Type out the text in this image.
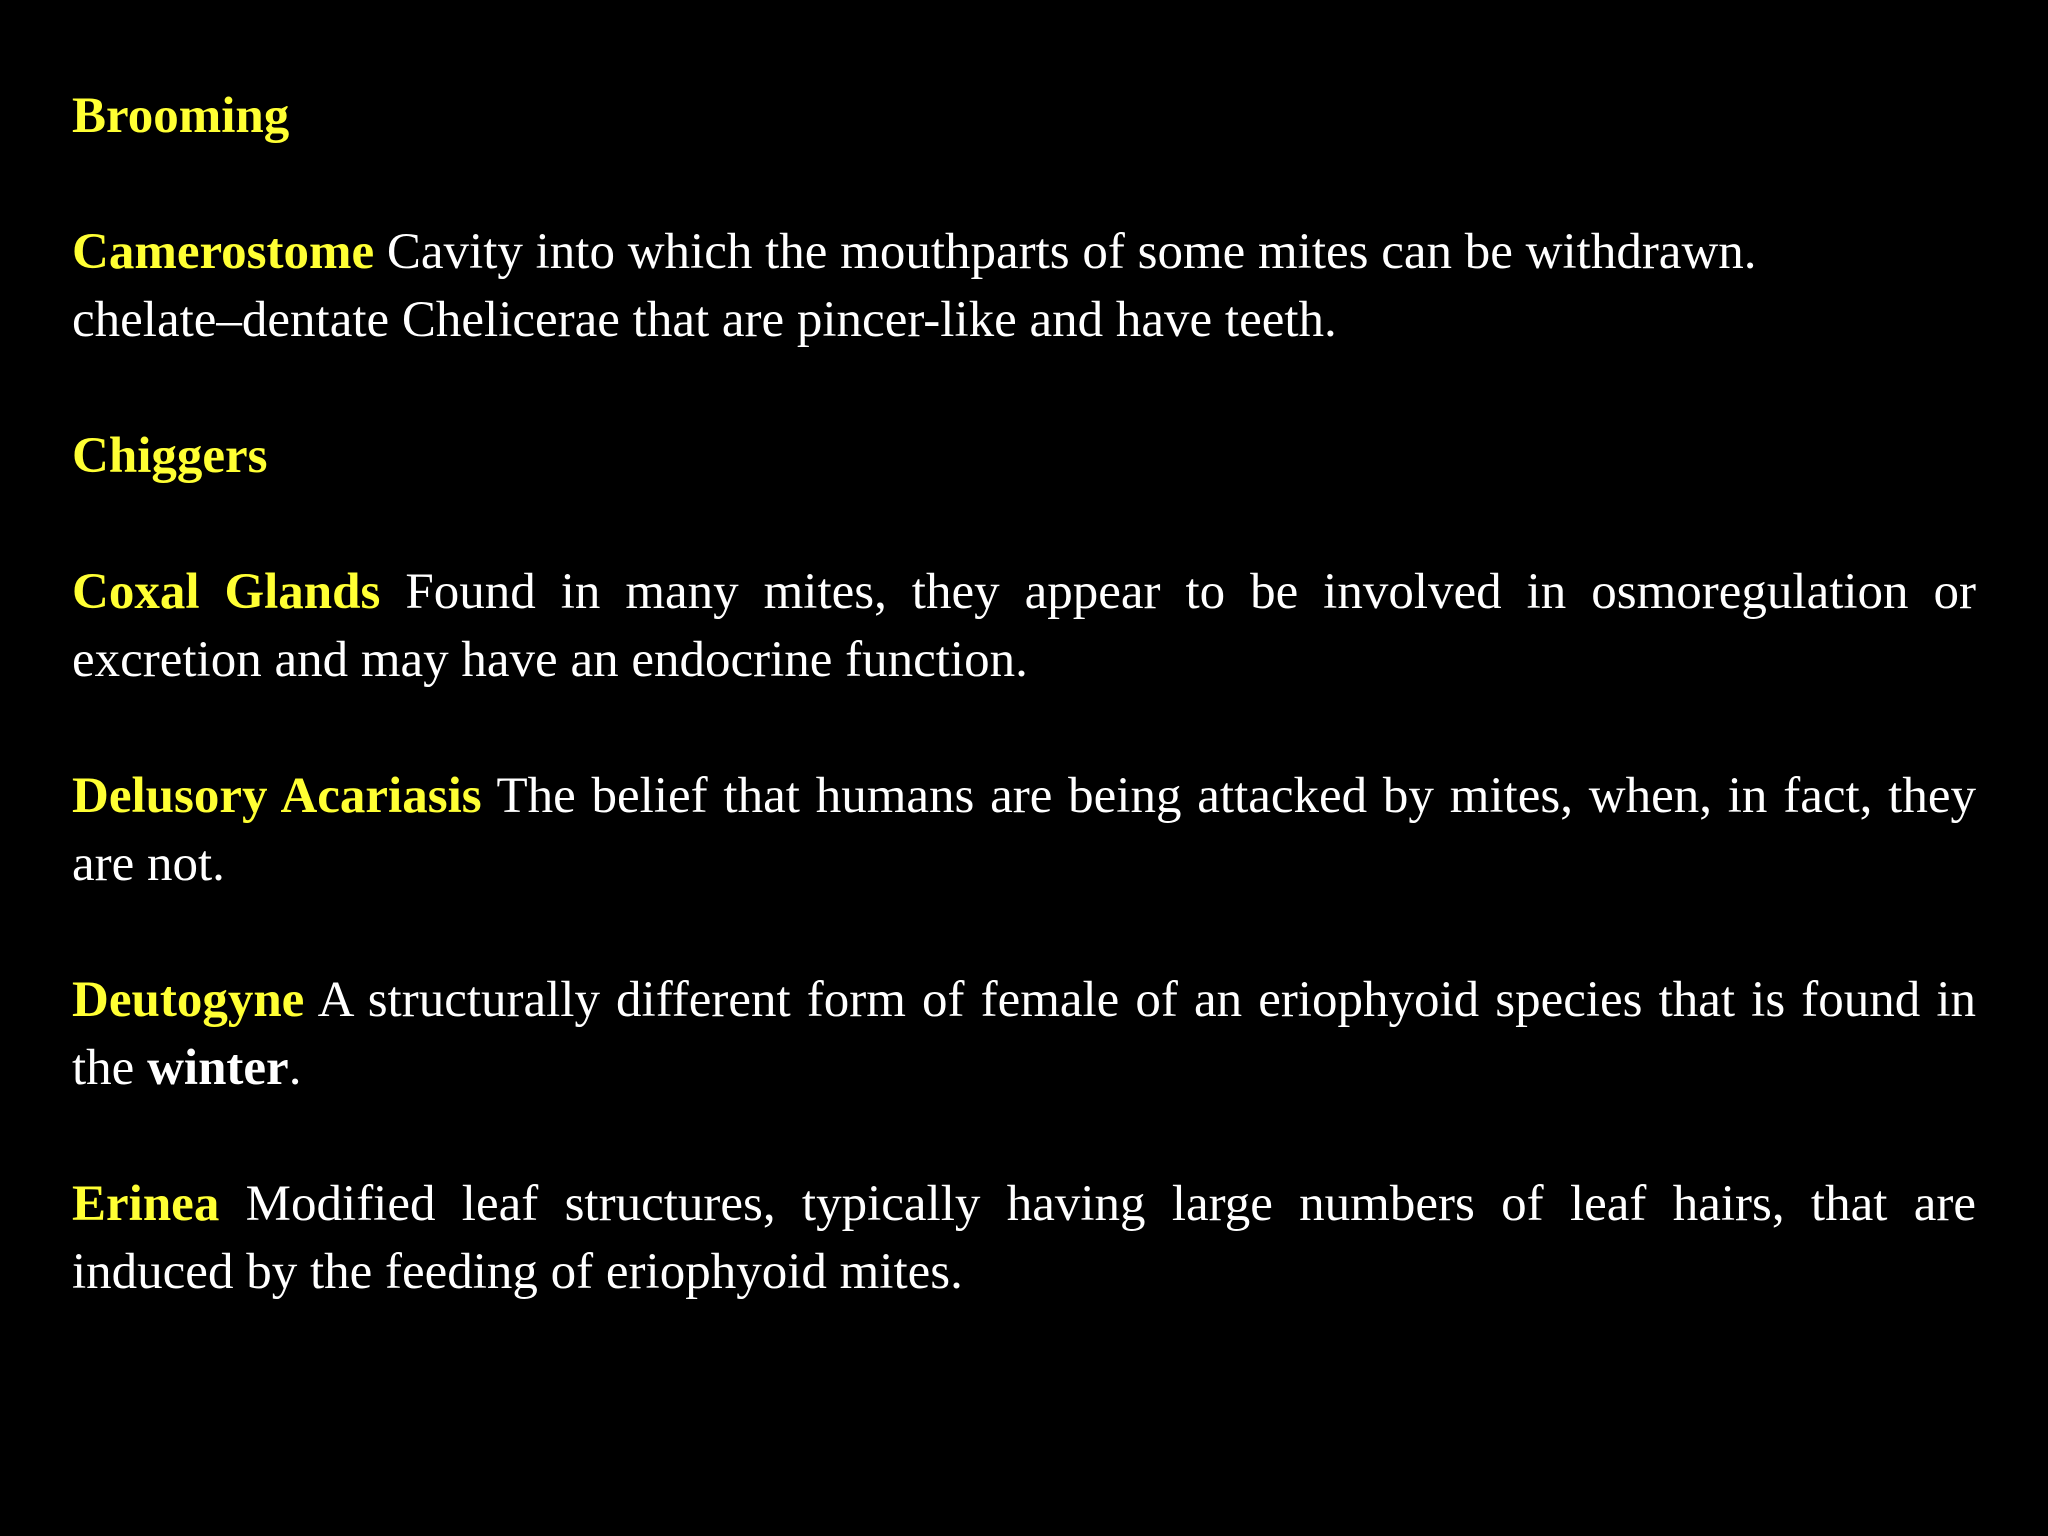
Brooming

Camerostome Cavity into which the mouthparts of some mites can be withdrawn.
chelate–dentate Chelicerae that are pincer-like and have teeth.

Chiggers

Coxal Glands Found in many mites, they appear to be involved in osmoregulation or excretion and may have an endocrine function.

Delusory Acariasis The belief that humans are being attacked by mites, when, in fact, they are not.

Deutogyne A structurally different form of female of an eriophyoid species that is found in the winter.

Erinea Modified leaf structures, typically having large numbers of leaf hairs, that are induced by the feeding of eriophyoid mites.
